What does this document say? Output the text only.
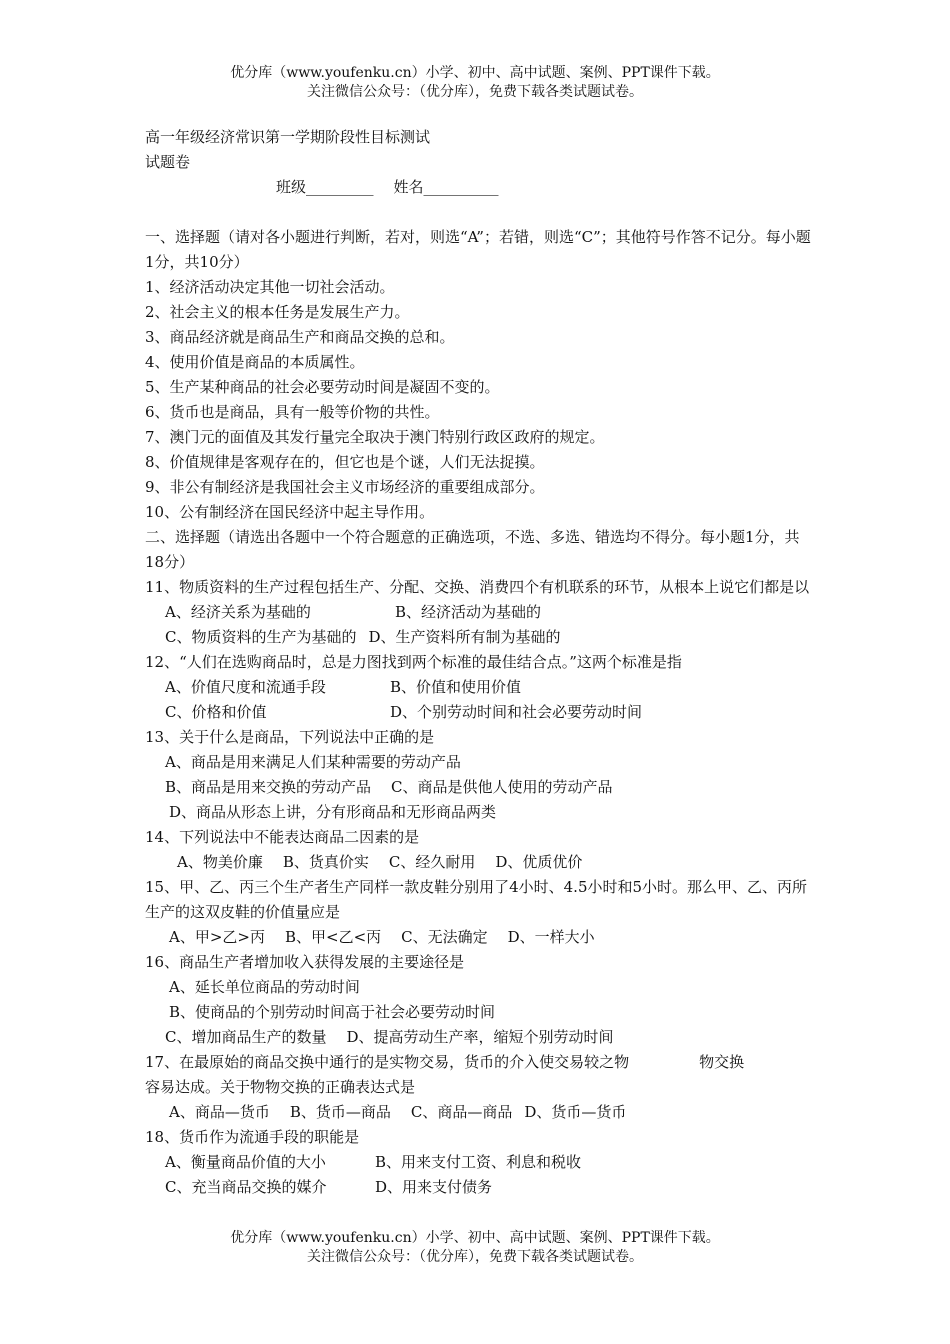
优分库（www.youfenku.cn）小学、初中、高中试题、案例、PPT课件下载。
关注微信公众号：（优分库），免费下载各类试题试卷。
高一年级经济常识第一学期阶段性目标测试
试题卷
班级_________ 姓名__________
一、选择题（请对各小题进行判断，若对，则选“A”；若错，则选“C”；其他符号作答不记分。每小题1分，共10分）
1、经济活动决定其他一切社会活动。
2、社会主义的根本任务是发展生产力。
3、商品经济就是商品生产和商品交换的总和。
4、使用价值是商品的本质属性。
5、生产某种商品的社会必要劳动时间是凝固不变的。
6、货币也是商品，具有一般等价物的共性。
7、澳门元的面值及其发行量完全取决于澳门特别行政区政府的规定。
8、价值规律是客观存在的，但它也是个谜，人们无法捉摸。
9、非公有制经济是我国社会主义市场经济的重要组成部分。
10、公有制经济在国民经济中起主导作用。
二、选择题（请选出各题中一个符合题意的正确选项，不选、多选、错选均不得分。每小题1分，共18分）
11、物质资料的生产过程包括生产、分配、交换、消费四个有机联系的环节，从根本上说它们都是以
A、经济关系为基础的	B、经济活动为基础的
C、物质资料的生产为基础的 D、生产资料所有制为基础的
12、“人们在选购商品时，总是力图找到两个标准的最佳结合点。”这两个标准是指
A、价值尺度和流通手段	B、价值和使用价值
C、价格和价值	D、个别劳动时间和社会必要劳动时间
13、关于什么是商品，下列说法中正确的是
A、商品是用来满足人们某种需要的劳动产品
B、商品是用来交换的劳动产品 C、商品是供他人使用的劳动产品
D、商品从形态上讲，分有形商品和无形商品两类
14、下列说法中不能表达商品二因素的是
A、物美价廉 B、货真价实 C、经久耐用 D、优质优价
15、甲、乙、丙三个生产者生产同样一款皮鞋分别用了4小时、4.5小时和5小时。那么甲、乙、丙所生产的这双皮鞋的价值量应是
A、甲>乙>丙 B、甲<乙<丙 C、无法确定 D、一样大小
16、商品生产者增加收入获得发展的主要途径是
A、延长单位商品的劳动时间
B、使商品的个别劳动时间高于社会必要劳动时间
C、增加商品生产的数量 D、提高劳动生产率，缩短个别劳动时间
17、在最原始的商品交换中通行的是实物交易，货币的介入使交易较之物	物交换
容易达成。关于物物交换的正确表达式是
A、商品—货币 B、货币—商品 C、商品—商品 D、货币—货币
18、货币作为流通手段的职能是
A、衡量商品价值的大小	B、用来支付工资、利息和税收
C、充当商品交换的媒介	D、用来支付债务
优分库（www.youfenku.cn）小学、初中、高中试题、案例、PPT课件下载。
关注微信公众号：（优分库），免费下载各类试题试卷。
